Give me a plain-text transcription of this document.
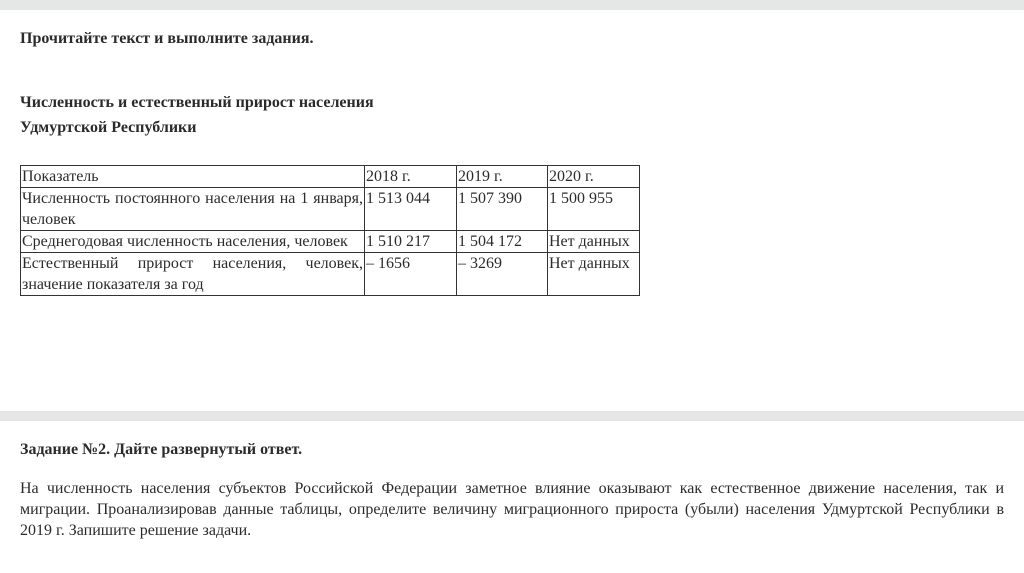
Прочитайте текст и выполните задания.

Численность и естественный прирост населения
Удмуртской Республики
Показатель	2018 г.	2019 г.	2020 г.
Численность постоянного населения на 1 января, человек	1 513 044	1 507 390	1 500 955
Среднегодовая численность населения, человек	1 510 217	1 504 172	Нет данных
Естественный прирост населения, человек, значение показателя за год	– 1656	– 3269	Нет данных

Задание №2. Дайте развернутый ответ.

На численность населения субъектов Российской Федерации заметное влияние оказывают как естественное движение населения, так и миграции. Проанализировав данные таблицы, определите величину миграционного прироста (убыли) населения Удмуртской Республики в 2019 г. Запишите решение задачи.
